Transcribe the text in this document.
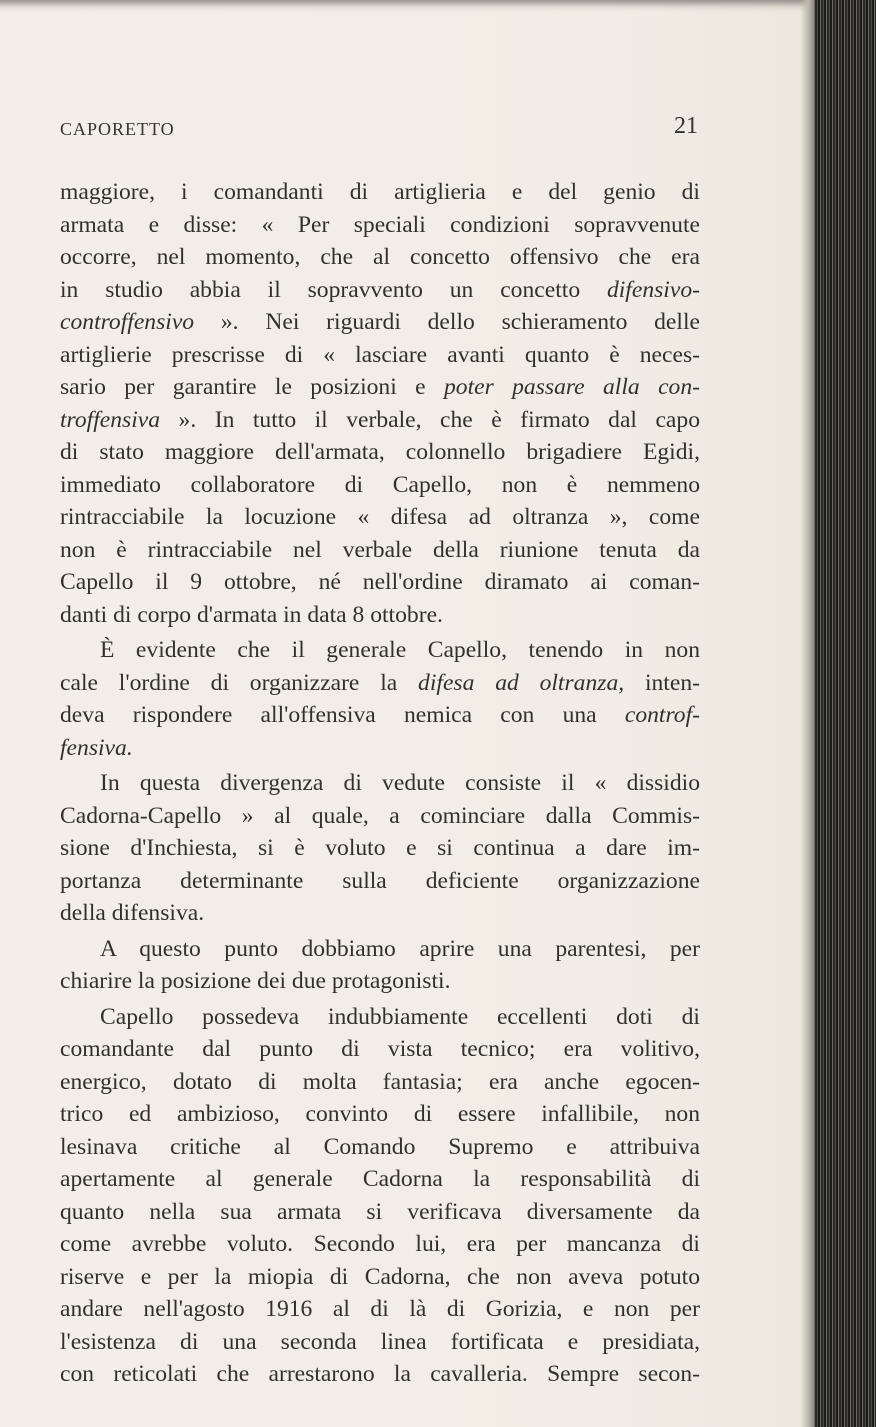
CAPORETTO	21
maggiore, i comandanti di artiglieria e del genio di
armata e disse: « Per speciali condizioni sopravvenute
occorre, nel momento, che al concetto offensivo che era
in studio abbia il sopravvento un concetto difensivo-
controffensivo ». Nei riguardi dello schieramento delle
artiglierie prescrisse di « lasciare avanti quanto è neces-
sario per garantire le posizioni e poter passare alla con-
troffensiva ». In tutto il verbale, che è firmato dal capo
di stato maggiore dell'armata, colonnello brigadiere Egidi,
immediato collaboratore di Capello, non è nemmeno
rintracciabile la locuzione « difesa ad oltranza », come
non è rintracciabile nel verbale della riunione tenuta da
Capello il 9 ottobre, né nell'ordine diramato ai coman-
danti di corpo d'armata in data 8 ottobre.
È evidente che il generale Capello, tenendo in non
cale l'ordine di organizzare la difesa ad oltranza, inten-
deva rispondere all'offensiva nemica con una controf-
fensiva.
In questa divergenza di vedute consiste il « dissidio
Cadorna-Capello » al quale, a cominciare dalla Commis-
sione d'Inchiesta, si è voluto e si continua a dare im-
portanza determinante sulla deficiente organizzazione
della difensiva.
A questo punto dobbiamo aprire una parentesi, per
chiarire la posizione dei due protagonisti.
Capello possedeva indubbiamente eccellenti doti di
comandante dal punto di vista tecnico; era volitivo,
energico, dotato di molta fantasia; era anche egocen-
trico ed ambizioso, convinto di essere infallibile, non
lesinava critiche al Comando Supremo e attribuiva
apertamente al generale Cadorna la responsabilità di
quanto nella sua armata si verificava diversamente da
come avrebbe voluto. Secondo lui, era per mancanza di
riserve e per la miopia di Cadorna, che non aveva potuto
andare nell'agosto 1916 al di là di Gorizia, e non per
l'esistenza di una seconda linea fortificata e presidiata,
con reticolati che arrestarono la cavalleria. Sempre secon-
